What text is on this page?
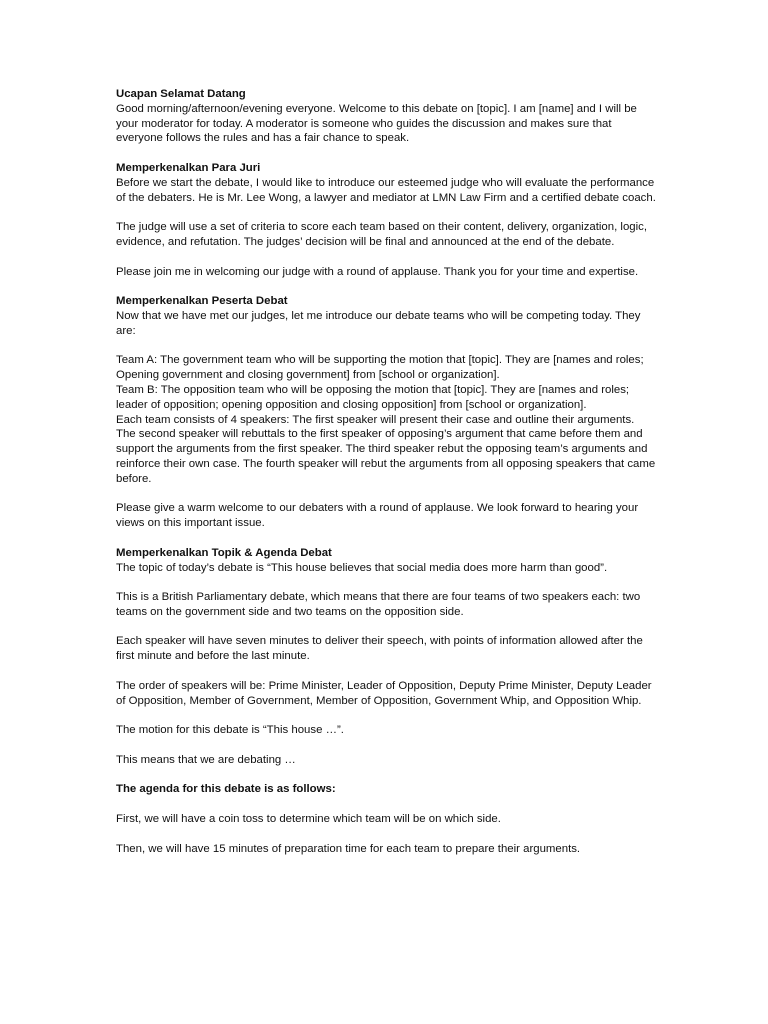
Ucapan Selamat Datang
Good morning/afternoon/evening everyone. Welcome to this debate on [topic]. I am [name] and I will be your moderator for today. A moderator is someone who guides the discussion and makes sure that everyone follows the rules and has a fair chance to speak.
Memperkenalkan Para Juri
Before we start the debate, I would like to introduce our esteemed judge who will evaluate the performance of the debaters. He is Mr. Lee Wong, a lawyer and mediator at LMN Law Firm and a certified debate coach.
The judge will use a set of criteria to score each team based on their content, delivery, organization, logic, evidence, and refutation. The judges’ decision will be final and announced at the end of the debate.
Please join me in welcoming our judge with a round of applause. Thank you for your time and expertise.
Memperkenalkan Peserta Debat
Now that we have met our judges, let me introduce our debate teams who will be competing today. They are:
Team A: The government team who will be supporting the motion that [topic]. They are [names and roles; Opening government and closing government] from [school or organization].
Team B: The opposition team who will be opposing the motion that [topic]. They are [names and roles; leader of opposition; opening opposition and closing opposition] from [school or organization].
Each team consists of 4 speakers: The first speaker will present their case and outline their arguments. The second speaker will rebuttals to the first speaker of opposing’s argument that came before them and support the arguments from the first speaker. The third speaker rebut the opposing team’s arguments and reinforce their own case. The fourth speaker will rebut the arguments from all opposing speakers that came before.
Please give a warm welcome to our debaters with a round of applause. We look forward to hearing your views on this important issue.
Memperkenalkan Topik & Agenda Debat
The topic of today’s debate is “This house believes that social media does more harm than good”.
This is a British Parliamentary debate, which means that there are four teams of two speakers each: two teams on the government side and two teams on the opposition side.
Each speaker will have seven minutes to deliver their speech, with points of information allowed after the first minute and before the last minute.
The order of speakers will be: Prime Minister, Leader of Opposition, Deputy Prime Minister, Deputy Leader of Opposition, Member of Government, Member of Opposition, Government Whip, and Opposition Whip.
The motion for this debate is “This house …”.
This means that we are debating …
The agenda for this debate is as follows:
First, we will have a coin toss to determine which team will be on which side.
Then, we will have 15 minutes of preparation time for each team to prepare their arguments.
